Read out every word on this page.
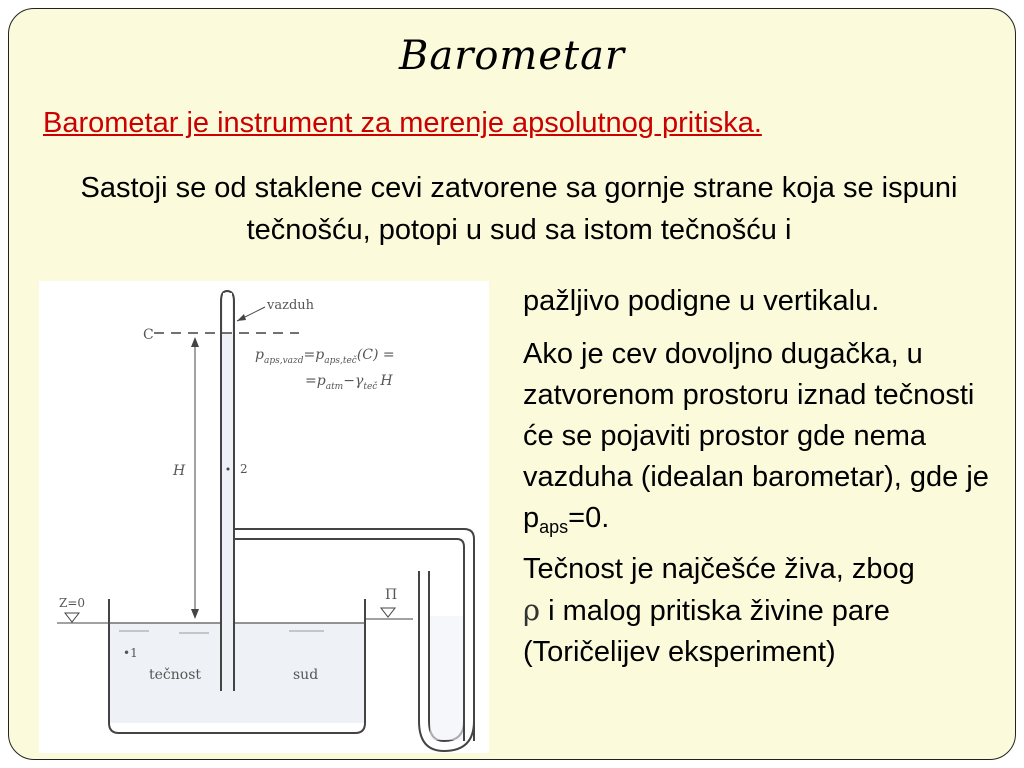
Barometar
Barometar je instrument za merenje apsolutnog pritiska.
Sastoji se od staklene cevi zatvorene sa gornje strane koja se ispuni tečnošću, potopi u sud sa istom tečnošću i

pažljivo podigne u vertikalu.

Ako je cev dovoljno dugačka, u zatvorenom prostoru iznad tečnosti će se pojaviti prostor gde nema vazduha (idealan barometar), gde je $p_{aps}=0$.

Tečnost je najčešće živa, zbog
ρ i malog pritiska živine pare (Toričelijev eksperiment)

C
vazduh
$p_{aps,vazd}=p_{aps,teč}(C)$ =
$=p_{atm}-\gamma_{teč}$ H
H	2
•1
Z=0	Π
tečnost	sud
